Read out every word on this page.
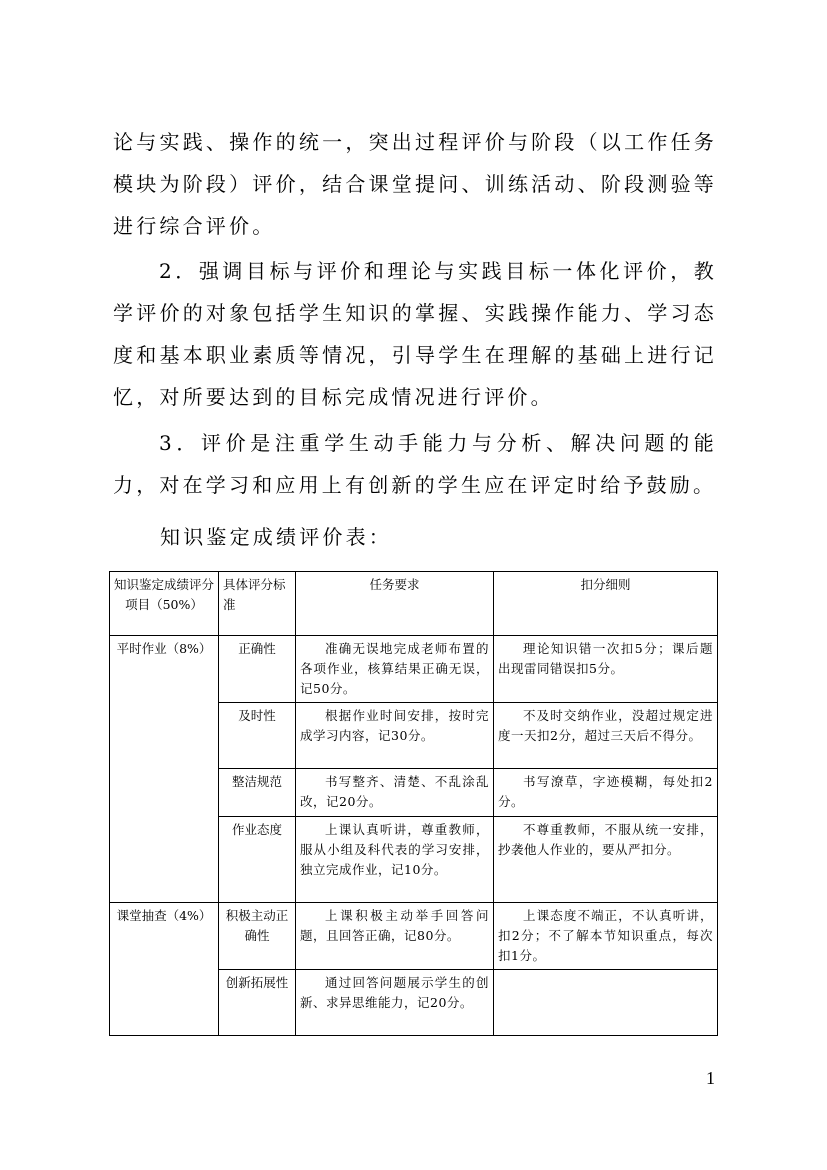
论与实践、操作的统一，突出过程评价与阶段（以工作任务模块为阶段）评价，结合课堂提问、训练活动、阶段测验等进行综合评价。

2．强调目标与评价和理论与实践目标一体化评价，教学评价的对象包括学生知识的掌握、实践操作能力、学习态度和基本职业素质等情况，引导学生在理解的基础上进行记忆，对所要达到的目标完成情况进行评价。

3．评价是注重学生动手能力与分析、解决问题的能力，对在学习和应用上有创新的学生应在评定时给予鼓励。

知识鉴定成绩评价表：
知识鉴定成绩评分项目（50%）	具体评分标准	任务要求	扣分细则
平时作业（8%）	正确性	准确无误地完成老师布置的各项作业，核算结果正确无误，记50分。	理论知识错一次扣5分；课后题出现雷同错误扣5分。
	及时性	根据作业时间安排，按时完成学习内容，记30分。	不及时交纳作业，没超过规定进度一天扣2分，超过三天后不得分。
	整洁规范	书写整齐、清楚、不乱涂乱改，记20分。	书写潦草，字迹模糊，每处扣2分。
	作业态度	上课认真听讲，尊重教师，服从小组及科代表的学习安排，独立完成作业，记10分。	不尊重教师，不服从统一安排，抄袭他人作业的，要从严扣分。
课堂抽查（4%）	积极主动正确性	上课积极主动举手回答问题，且回答正确，记80分。	上课态度不端正，不认真听讲，扣2分；不了解本节知识重点，每次扣1分。
	创新拓展性	通过回答问题展示学生的创新、求异思维能力，记20分。	
1
